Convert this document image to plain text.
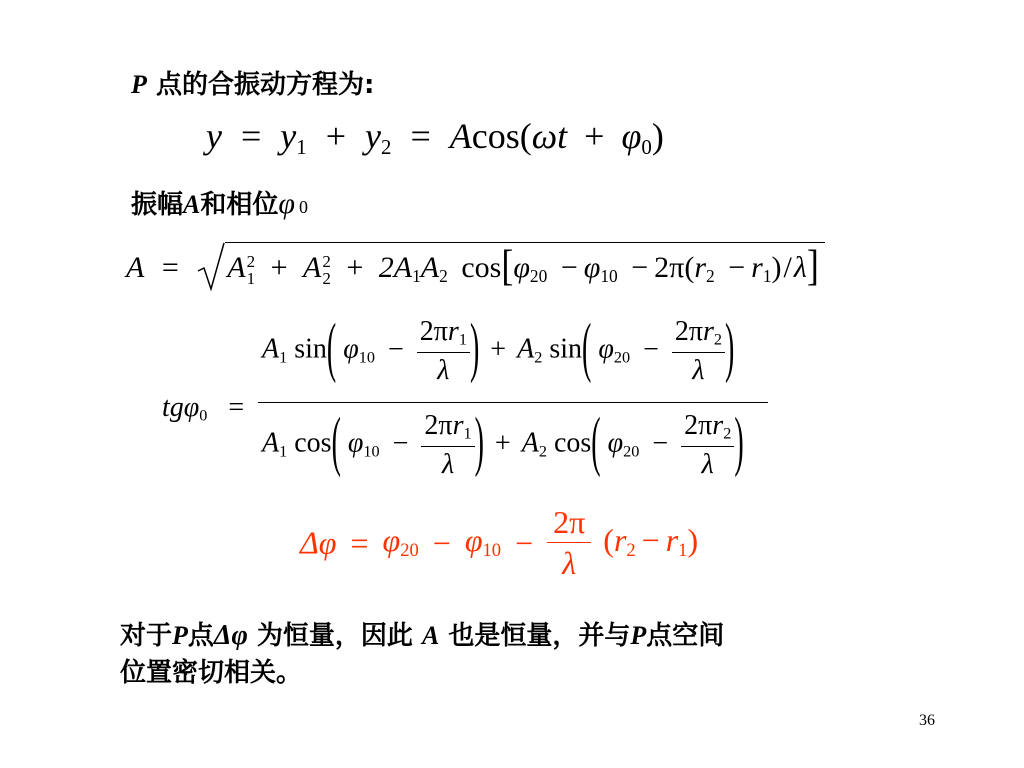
P 点的合振动方程为:
$y = y_1 + y_2 = Acos(\omega t + \varphi_0)$
振幅A和相位φ 0
A = A 2
1 + A 2
$2 + 2A_1A_2$ $\cos[\varphi_{20} - \varphi_{10} - 2\pi(r_2 - r_1)/\lambda]$
tgφ$_0$ =
$A_1$ sin( $\varphi_{10} - \frac{2\pi r_1}{\lambda}$ ) + $A_2$ sin( $\varphi_{20} - \frac{2\pi r_2}{\lambda}$ )
$A_1$ cos( $\varphi_{10} - \frac{2\pi r_1}{\lambda}$ ) + $A_2$ cos( $\varphi_{20} - \frac{2\pi r_2}{\lambda}$ )
$\Delta\varphi = \varphi_{20} - \varphi_{10} - \frac{2\pi}{\lambda} (r_2 - r_1)$
对于P点Δφ 为恒量，因此 A 也是恒量，并与P点空间
位置密切相关。
36
